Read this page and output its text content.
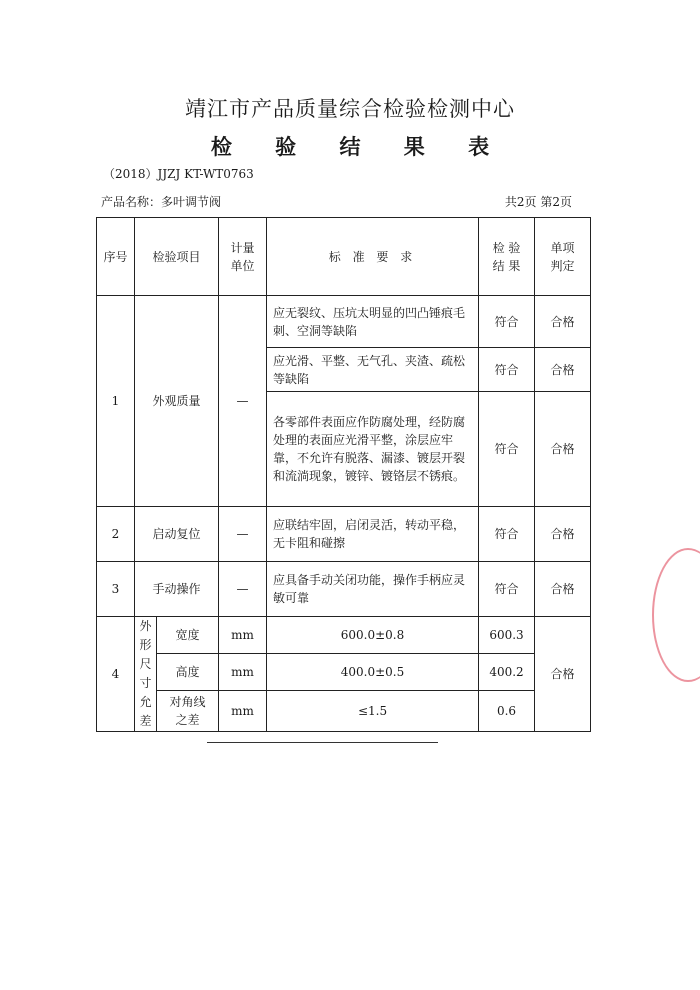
靖江市产品质量综合检验检测中心
检 验 结 果 表
（2018）JJZJ KT-WT0763
产品名称：多叶调节阀	共2页 第2页
序号	检验项目		计量单位	标 准 要 求	检 验 结 果	单项判定
1	外观质量		—	应无裂纹、压坑太明显的凹凸锤痕毛刺、空洞等缺陷	符合	合格
				应光滑、平整、无气孔、夹渣、疏松等缺陷	符合	合格
				各零部件表面应作防腐处理，经防腐处理的表面应光滑平整，涂层应牢靠，不允许有脱落、漏漆、镀层开裂和流淌现象，镀锌、镀铬层不锈痕。	符合	合格
2	启动复位		—	应联结牢固，启闭灵活，转动平稳，无卡阻和碰擦	符合	合格
3	手动操作		—	应具备手动关闭功能，操作手柄应灵敏可靠	符合	合格
4	外形尺寸允差	宽度	mm	600.0±0.8	600.3	合格
		高度	mm	400.0±0.5	400.2	
		对角线之差	mm	≤1.5	0.6	
